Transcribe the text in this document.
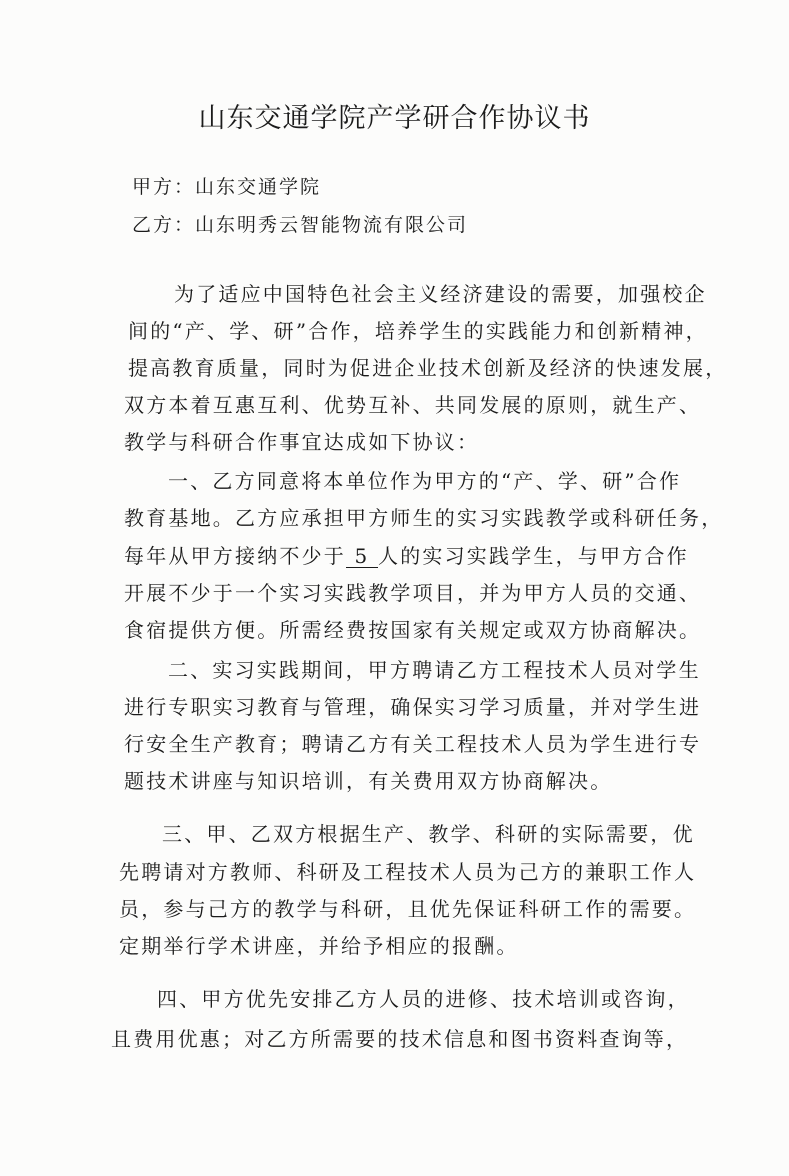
山东交通学院产学研合作协议书
甲方：山东交通学院
乙方：山东明秀云智能物流有限公司
为了适应中国特色社会主义经济建设的需要，加强校企
间的“产、学、研”合作，培养学生的实践能力和创新精神，
提高教育质量，同时为促进企业技术创新及经济的快速发展，
双方本着互惠互利、优势互补、共同发展的原则，就生产、
教学与科研合作事宜达成如下协议：
一、乙方同意将本单位作为甲方的“产、学、研”合作
教育基地。乙方应承担甲方师生的实习实践教学或科研任务，
每年从甲方接纳不少于 5 人的实习实践学生，与甲方合作
开展不少于一个实习实践教学项目，并为甲方人员的交通、
食宿提供方便。所需经费按国家有关规定或双方协商解决。
二、实习实践期间，甲方聘请乙方工程技术人员对学生
进行专职实习教育与管理，确保实习学习质量，并对学生进
行安全生产教育；聘请乙方有关工程技术人员为学生进行专
题技术讲座与知识培训，有关费用双方协商解决。
三、甲、乙双方根据生产、教学、科研的实际需要，优
先聘请对方教师、科研及工程技术人员为己方的兼职工作人
员，参与己方的教学与科研，且优先保证科研工作的需要。
定期举行学术讲座，并给予相应的报酬。
四、甲方优先安排乙方人员的进修、技术培训或咨询，
且费用优惠；对乙方所需要的技术信息和图书资料查询等，
